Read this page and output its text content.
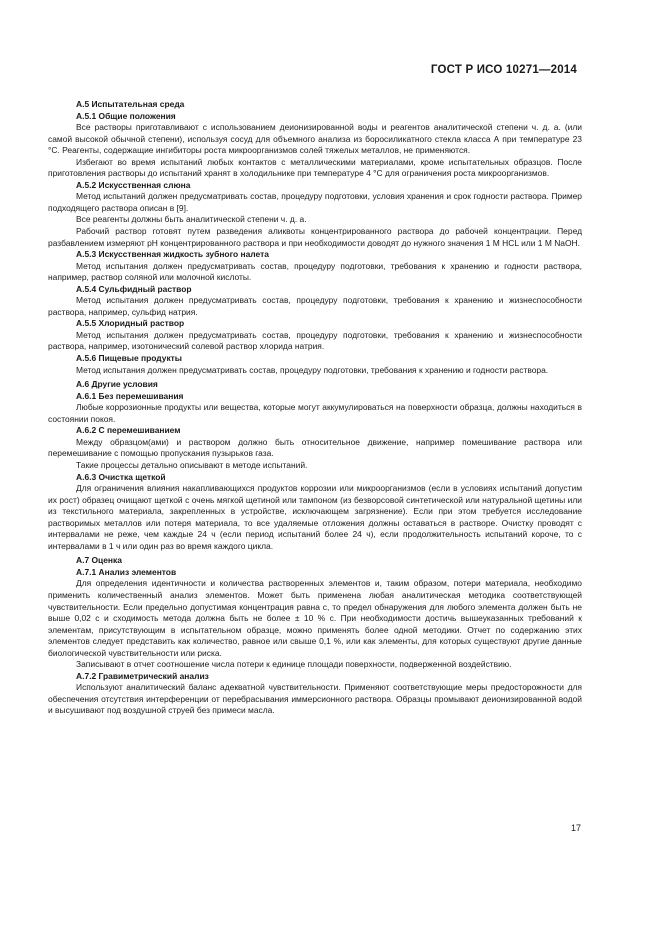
ГОСТ Р ИСО 10271—2014
А.5 Испытательная среда
А.5.1 Общие положения
Все растворы приготавливают с использованием деионизированной воды и реагентов аналитической степени ч. д. а. (или самой высокой обычной степени), используя сосуд для объемного анализа из боросиликатного стекла класса А при температуре 23 °С. Реагенты, содержащие ингибиторы роста микроорганизмов солей тяжелых металлов, не применяются.
Избегают во время испытаний любых контактов с металлическими материалами, кроме испытательных образцов. После приготовления растворы до испытаний хранят в холодильнике при температуре 4 °С для ограничения роста микроорганизмов.
А.5.2 Искусственная слюна
Метод испытаний должен предусматривать состав, процедуру подготовки, условия хранения и срок годности раствора. Пример подходящего раствора описан в [9].
Все реагенты должны быть аналитической степени ч. д. а.
Рабочий раствор готовят путем разведения аликвоты концентрированного раствора до рабочей концентрации. Перед разбавлением измеряют рН концентрированного раствора и при необходимости доводят до нужного значения 1 М HCL или 1 М NaOH.
А.5.3 Искусственная жидкость зубного налета
Метод испытания должен предусматривать состав, процедуру подготовки, требования к хранению и годности раствора, например, раствор соляной или молочной кислоты.
А.5.4 Сульфидный раствор
Метод испытания должен предусматривать состав, процедуру подготовки, требования к хранению и жизнеспособности раствора, например, сульфид натрия.
А.5.5 Хлоридный раствор
Метод испытания должен предусматривать состав, процедуру подготовки, требования к хранению и жизнеспособности раствора, например, изотонический солевой раствор хлорида натрия.
А.5.6 Пищевые продукты
Метод испытания должен предусматривать состав, процедуру подготовки, требования к хранению и годности раствора.
А.6 Другие условия
А.6.1 Без перемешивания
Любые коррозионные продукты или вещества, которые могут аккумулироваться на поверхности образца, должны находиться в состоянии покоя.
А.6.2 С перемешиванием
Между образцом(ами) и раствором должно быть относительное движение, например помешивание раствора или перемешивание с помощью пропускания пузырьков газа.
Такие процессы детально описывают в методе испытаний.
А.6.3 Очистка щеткой
Для ограничения влияния накапливающихся продуктов коррозии или микроорганизмов (если в условиях испытаний допустим их рост) образец очищают щеткой с очень мягкой щетиной или тампоном (из безворсовой синтетической или натуральной щетины или из текстильного материала, закрепленных в устройстве, исключающем загрязнение). Если при этом требуется исследование растворимых металлов или потеря материала, то все удаляемые отложения должны оставаться в растворе. Очистку проводят с интервалами не реже, чем каждые 24 ч (если период испытаний более 24 ч), если продолжительность испытаний короче, то с интервалами в 1 ч или один раз во время каждого цикла.
А.7 Оценка
А.7.1 Анализ элементов
Для определения идентичности и количества растворенных элементов и, таким образом, потери материала, необходимо применить количественный анализ элементов. Может быть применена любая аналитическая методика соответствующей чувствительности. Если предельно допустимая концентрация равна c, то предел обнаружения для любого элемента должен быть не выше 0,02 c и сходимость метода должна быть не более ± 10 % c. При необходимости достичь вышеуказанных требований к элементам, присутствующим в испытательном образце, можно применять более одной методики. Отчет по содержанию этих элементов следует представить как количество, равное или свыше 0,1 %, или как элементы, для которых существуют другие данные биологической чувствительности или риска.
Записывают в отчет соотношение числа потери к единице площади поверхности, подверженной воздействию.
А.7.2 Гравиметрический анализ
Используют аналитический баланс адекватной чувствительности. Применяют соответствующие меры предосторожности для обеспечения отсутствия интерференции от перебрасывания иммерсионного раствора. Образцы промывают деионизированной водой и высушивают под воздушной струей без примеси масла.
17
